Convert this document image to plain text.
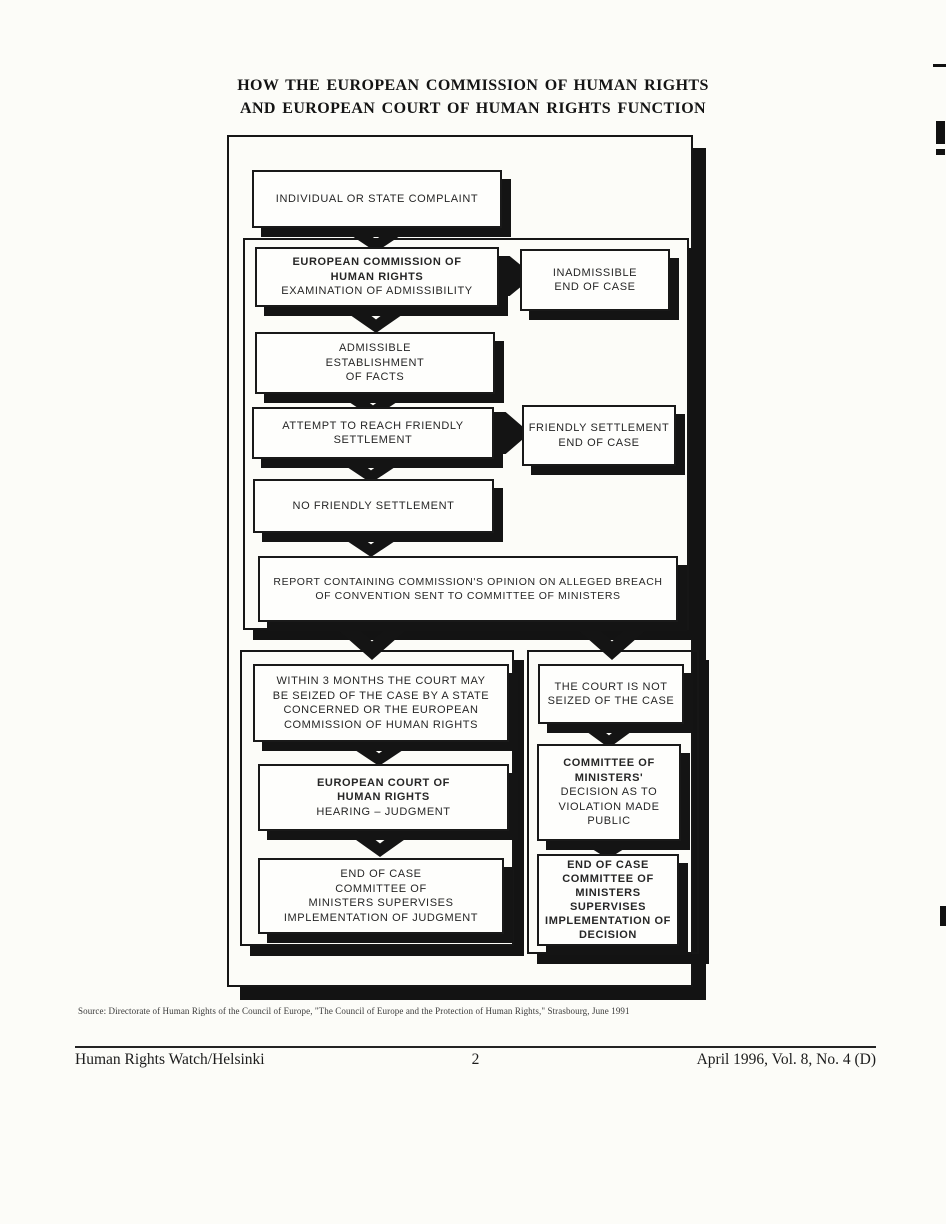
HOW THE EUROPEAN COMMISSION OF HUMAN RIGHTS
AND EUROPEAN COURT OF HUMAN RIGHTS FUNCTION
INDIVIDUAL OR STATE COMPLAINT
EUROPEAN COMMISSION OF
HUMAN RIGHTS
EXAMINATION OF ADMISSIBILITY
INADMISSIBLE
END OF CASE
ADMISSIBLE
ESTABLISHMENT
OF FACTS
ATTEMPT TO REACH FRIENDLY
SETTLEMENT
FRIENDLY SETTLEMENT
END OF CASE
NO FRIENDLY SETTLEMENT
REPORT CONTAINING COMMISSION'S OPINION ON ALLEGED BREACH
OF CONVENTION SENT TO COMMITTEE OF MINISTERS
WITHIN 3 MONTHS THE COURT MAY
BE SEIZED OF THE CASE BY A STATE
CONCERNED OR THE EUROPEAN
COMMISSION OF HUMAN RIGHTS
EUROPEAN COURT OF
HUMAN RIGHTS
HEARING – JUDGMENT
END OF CASE
COMMITTEE OF
MINISTERS SUPERVISES
IMPLEMENTATION OF JUDGMENT
THE COURT IS NOT
SEIZED OF THE CASE
COMMITTEE OF
MINISTERS'
DECISION AS TO
VIOLATION MADE
PUBLIC
END OF CASE
COMMITTEE OF
MINISTERS
SUPERVISES
IMPLEMENTATION OF
DECISION
Source: Directorate of Human Rights of the Council of Europe, "The Council of Europe and the Protection of Human Rights," Strasbourg, June 1991
Human Rights Watch/Helsinki	2	April 1996, Vol. 8, No. 4 (D)
